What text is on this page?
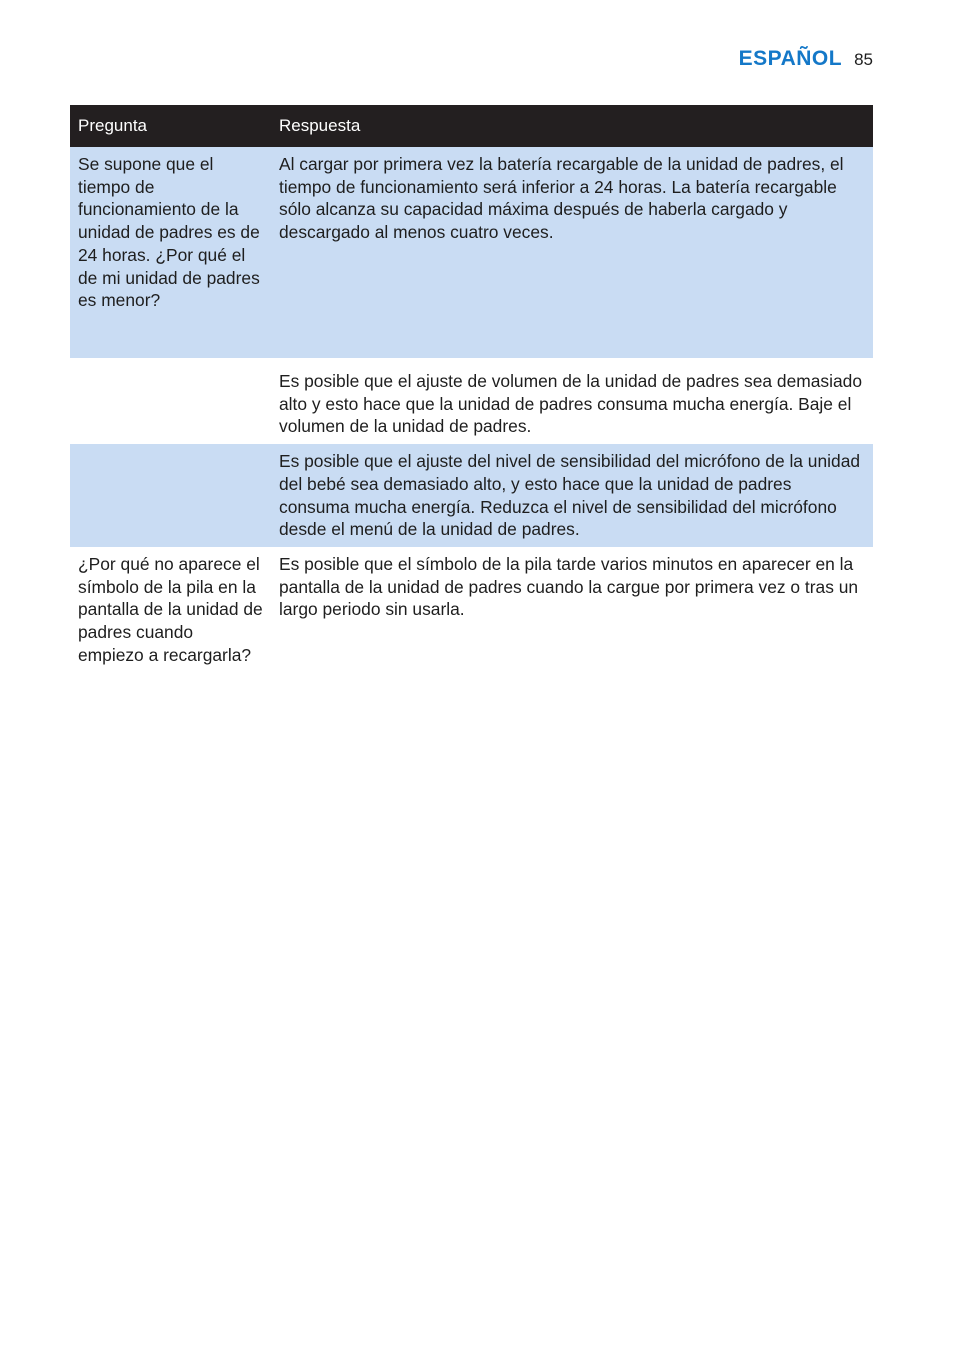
ESPAÑOL 85
Pregunta	Respuesta
Se supone que el tiempo de funcionamiento de la unidad de padres es de 24 horas. ¿Por qué el de mi unidad de padres es menor?	Al cargar por primera vez la batería recargable de la unidad de padres, el tiempo de funcionamiento será inferior a 24 horas. La batería recargable sólo alcanza su capacidad máxima después de haberla cargado y descargado al menos cuatro veces.
	Es posible que el ajuste de volumen de la unidad de padres sea demasiado alto y esto hace que la unidad de padres consuma mucha energía. Baje el volumen de la unidad de padres.
	Es posible que el ajuste del nivel de sensibilidad del micrófono de la unidad del bebé sea demasiado alto, y esto hace que la unidad de padres consuma mucha energía. Reduzca el nivel de sensibilidad del micrófono desde el menú de la unidad de padres.
¿Por qué no aparece el símbolo de la pila en la pantalla de la unidad de padres cuando empiezo a recargarla?	Es posible que el símbolo de la pila tarde varios minutos en aparecer en la pantalla de la unidad de padres cuando la cargue por primera vez o tras un largo periodo sin usarla.
